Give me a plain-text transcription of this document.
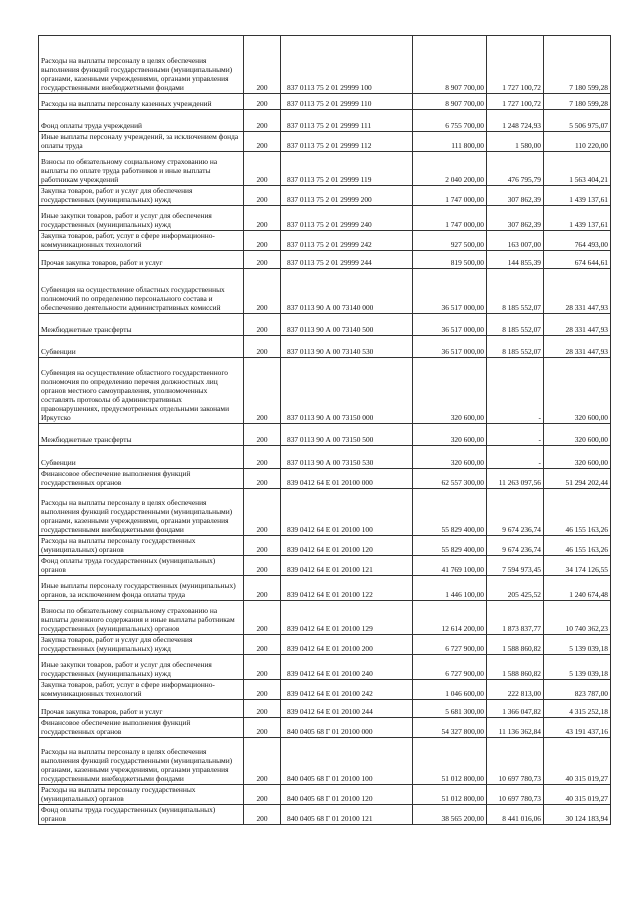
Расходы на выплаты персоналу в целях обеспечения выполнения функций государственными (муниципальными) органами, казенными учреждениями, органами управления государственными внебюджетными фондами	200	837 0113 75 2 01 29999 100	8 907 700,00	1 727 100,72	7 180 599,28
Расходы на выплаты персоналу казенных учреждений	200	837 0113 75 2 01 29999 110	8 907 700,00	1 727 100,72	7 180 599,28
Фонд оплаты труда учреждений	200	837 0113 75 2 01 29999 111	6 755 700,00	1 248 724,93	5 506 975,07
Иные выплаты персоналу учреждений, за исключением фонда оплаты труда	200	837 0113 75 2 01 29999 112	111 800,00	1 580,00	110 220,00
Взносы по обязательному социальному страхованию на выплаты по оплате труда работников и иные выплаты работникам учреждений	200	837 0113 75 2 01 29999 119	2 040 200,00	476 795,79	1 563 404,21
Закупка товаров, работ и услуг для обеспечения государственных (муниципальных) нужд	200	837 0113 75 2 01 29999 200	1 747 000,00	307 862,39	1 439 137,61
Иные закупки товаров, работ и услуг для обеспечения государственных (муниципальных) нужд	200	837 0113 75 2 01 29999 240	1 747 000,00	307 862,39	1 439 137,61
Закупка товаров, работ, услуг в сфере информационно-коммуникационных технологий	200	837 0113 75 2 01 29999 242	927 500,00	163 007,00	764 493,00
Прочая закупка товаров, работ и услуг	200	837 0113 75 2 01 29999 244	819 500,00	144 855,39	674 644,61
Субвенция на осуществление областных государственных полномочий по определению персонального состава и обеспечению деятельности административных комиссий	200	837 0113 90 А 00 73140 000	36 517 000,00	8 185 552,07	28 331 447,93
Межбюджетные трансферты	200	837 0113 90 А 00 73140 500	36 517 000,00	8 185 552,07	28 331 447,93
Субвенции	200	837 0113 90 А 00 73140 530	36 517 000,00	8 185 552,07	28 331 447,93
Субвенция на осуществление областного государственного полномочия по определению перечня должностных лиц органов местного самоуправления, уполномоченных составлять протоколы об административных правонарушениях, предусмотренных отдельными законами Иркутско	200	837 0113 90 А 00 73150 000	320 600,00	-	320 600,00
Межбюджетные трансферты	200	837 0113 90 А 00 73150 500	320 600,00	-	320 600,00
Субвенции	200	837 0113 90 А 00 73150 530	320 600,00	-	320 600,00
Финансовое обеспечение выполнения функций государственных органов	200	839 0412 64 Е 01 20100 000	62 557 300,00	11 263 097,56	51 294 202,44
Расходы на выплаты персоналу в целях обеспечения выполнения функций государственными (муниципальными) органами, казенными учреждениями, органами управления государственными внебюджетными фондами	200	839 0412 64 Е 01 20100 100	55 829 400,00	9 674 236,74	46 155 163,26
Расходы на выплаты персоналу государственных (муниципальных) органов	200	839 0412 64 Е 01 20100 120	55 829 400,00	9 674 236,74	46 155 163,26
Фонд оплаты труда государственных (муниципальных) органов	200	839 0412 64 Е 01 20100 121	41 769 100,00	7 594 973,45	34 174 126,55
Иные выплаты персоналу государственных (муниципальных) органов, за исключением фонда оплаты труда	200	839 0412 64 Е 01 20100 122	1 446 100,00	205 425,52	1 240 674,48
Взносы по обязательному социальному страхованию на выплаты денежного содержания и иные выплаты работникам государственных (муниципальных) органов	200	839 0412 64 Е 01 20100 129	12 614 200,00	1 873 837,77	10 740 362,23
Закупка товаров, работ и услуг для обеспечения государственных (муниципальных) нужд	200	839 0412 64 Е 01 20100 200	6 727 900,00	1 588 860,82	5 139 039,18
Иные закупки товаров, работ и услуг для обеспечения государственных (муниципальных) нужд	200	839 0412 64 Е 01 20100 240	6 727 900,00	1 588 860,82	5 139 039,18
Закупка товаров, работ, услуг в сфере информационно-коммуникационных технологий	200	839 0412 64 Е 01 20100 242	1 046 600,00	222 813,00	823 787,00
Прочая закупка товаров, работ и услуг	200	839 0412 64 Е 01 20100 244	5 681 300,00	1 366 047,82	4 315 252,18
Финансовое обеспечение выполнения функций государственных органов	200	840 0405 68 Г 01 20100 000	54 327 800,00	11 136 362,84	43 191 437,16
Расходы на выплаты персоналу в целях обеспечения выполнения функций государственными (муниципальными) органами, казенными учреждениями, органами управления государственными внебюджетными фондами	200	840 0405 68 Г 01 20100 100	51 012 800,00	10 697 780,73	40 315 019,27
Расходы на выплаты персоналу государственных (муниципальных) органов	200	840 0405 68 Г 01 20100 120	51 012 800,00	10 697 780,73	40 315 019,27
Фонд оплаты труда государственных (муниципальных) органов	200	840 0405 68 Г 01 20100 121	38 565 200,00	8 441 016,06	30 124 183,94
